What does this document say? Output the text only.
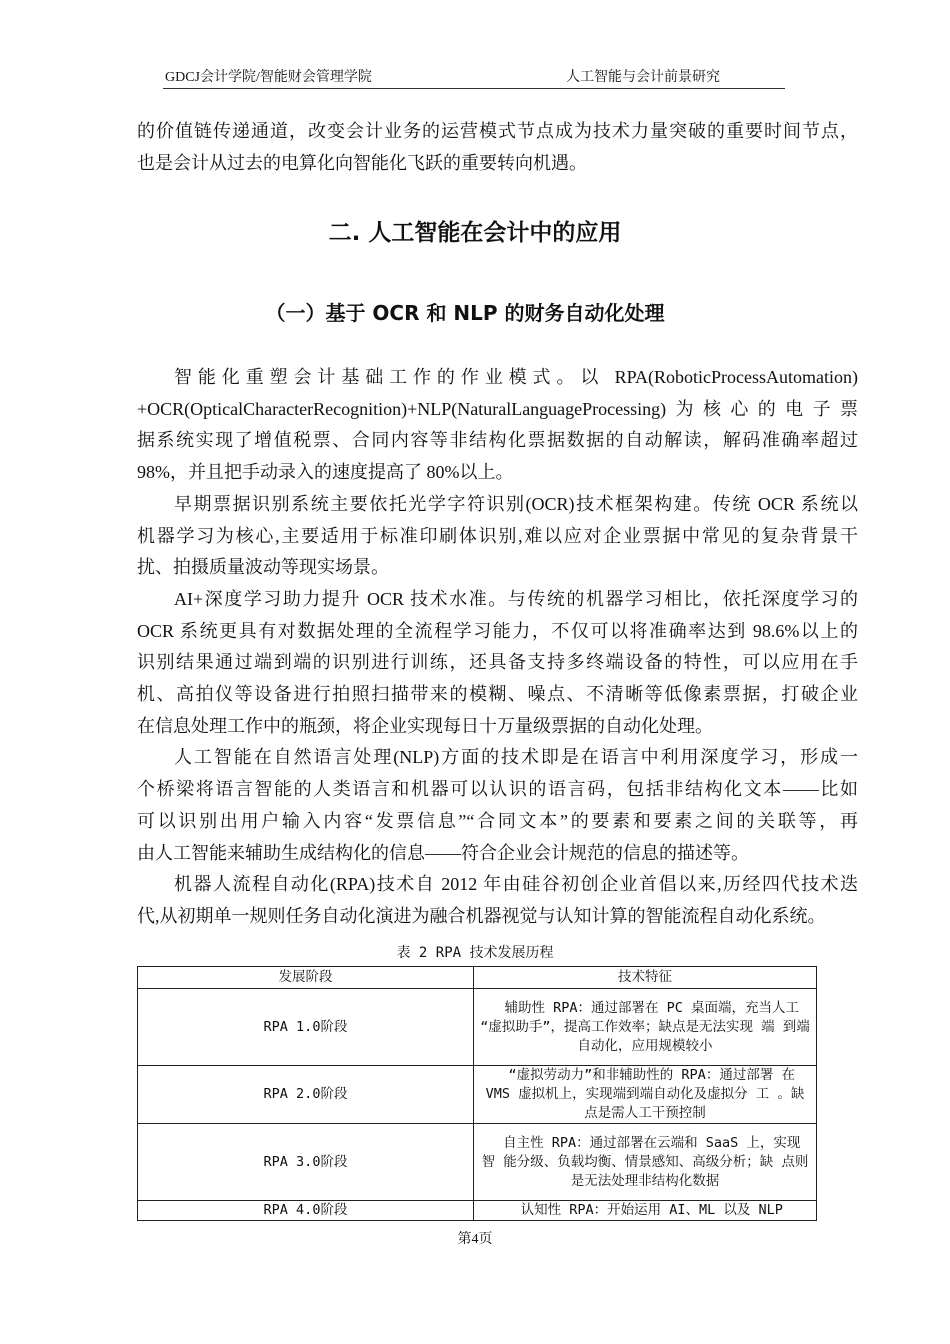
GDCJ会计学院/智能财会管理学院	人工智能与会计前景研究
的价值链传递通道，改变会计业务的运营模式节点成为技术力量突破的重要时间节点，
也是会计从过去的电算化向智能化飞跃的重要转向机遇。
二. 人工智能在会计中的应用
（一）基于 OCR 和 NLP 的财务自动化处理
智能化重塑会计基础工作的作业模式。以 RPA(RoboticProcessAutomation)
+OCR(OpticalCharacterRecognition)+NLP(NaturalLanguageProcessing)为核心的电子票
据系统实现了增值税票、合同内容等非结构化票据数据的自动解读，解码准确率超过
98%，并且把手动录入的速度提高了 80%以上。
早期票据识别系统主要依托光学字符识别(OCR)技术框架构建。传统 OCR 系统以
机器学习为核心,主要适用于标准印刷体识别,难以应对企业票据中常见的复杂背景干
扰、拍摄质量波动等现实场景。
AI+深度学习助力提升 OCR 技术水准。与传统的机器学习相比，依托深度学习的
OCR 系统更具有对数据处理的全流程学习能力，不仅可以将准确率达到 98.6%以上的
识别结果通过端到端的识别进行训练，还具备支持多终端设备的特性，可以应用在手
机、高拍仪等设备进行拍照扫描带来的模糊、噪点、不清晰等低像素票据，打破企业
在信息处理工作中的瓶颈，将企业实现每日十万量级票据的自动化处理。
人工智能在自然语言处理(NLP)方面的技术即是在语言中利用深度学习，形成一
个桥梁将语言智能的人类语言和机器可以认识的语言码，包括非结构化文本——比如
可以识别出用户输入内容“发票信息”“合同文本”的要素和要素之间的关联等，再
由人工智能来辅助生成结构化的信息——符合企业会计规范的信息的描述等。
机器人流程自动化(RPA)技术自 2012 年由硅谷初创企业首倡以来,历经四代技术迭
代,从初期单一规则任务自动化演进为融合机器视觉与认知计算的智能流程自动化系统。
表 2 RPA 技术发展历程
发展阶段	技术特征
RPA 1.0阶段	　辅助性 RPA：通过部署在 PC 桌面端，充当人工 “虚拟助手”，提高工作效率；缺点是无法实现 端 到端自动化，应用规模较小
RPA 2.0阶段	　“虚拟劳动力”和非辅助性的 RPA：通过部署 在 VMS 虚拟机上，实现端到端自动化及虚拟分 工 。缺点是需人工干预控制
RPA 3.0阶段	　自主性 RPA：通过部署在云端和 SaaS 上，实现 智 能分级、负载均衡、情景感知、高级分析；缺 点则是无法处理非结构化数据
RPA 4.0阶段	　认知性 RPA：开始运用 AI、ML 以及 NLP
第4页
